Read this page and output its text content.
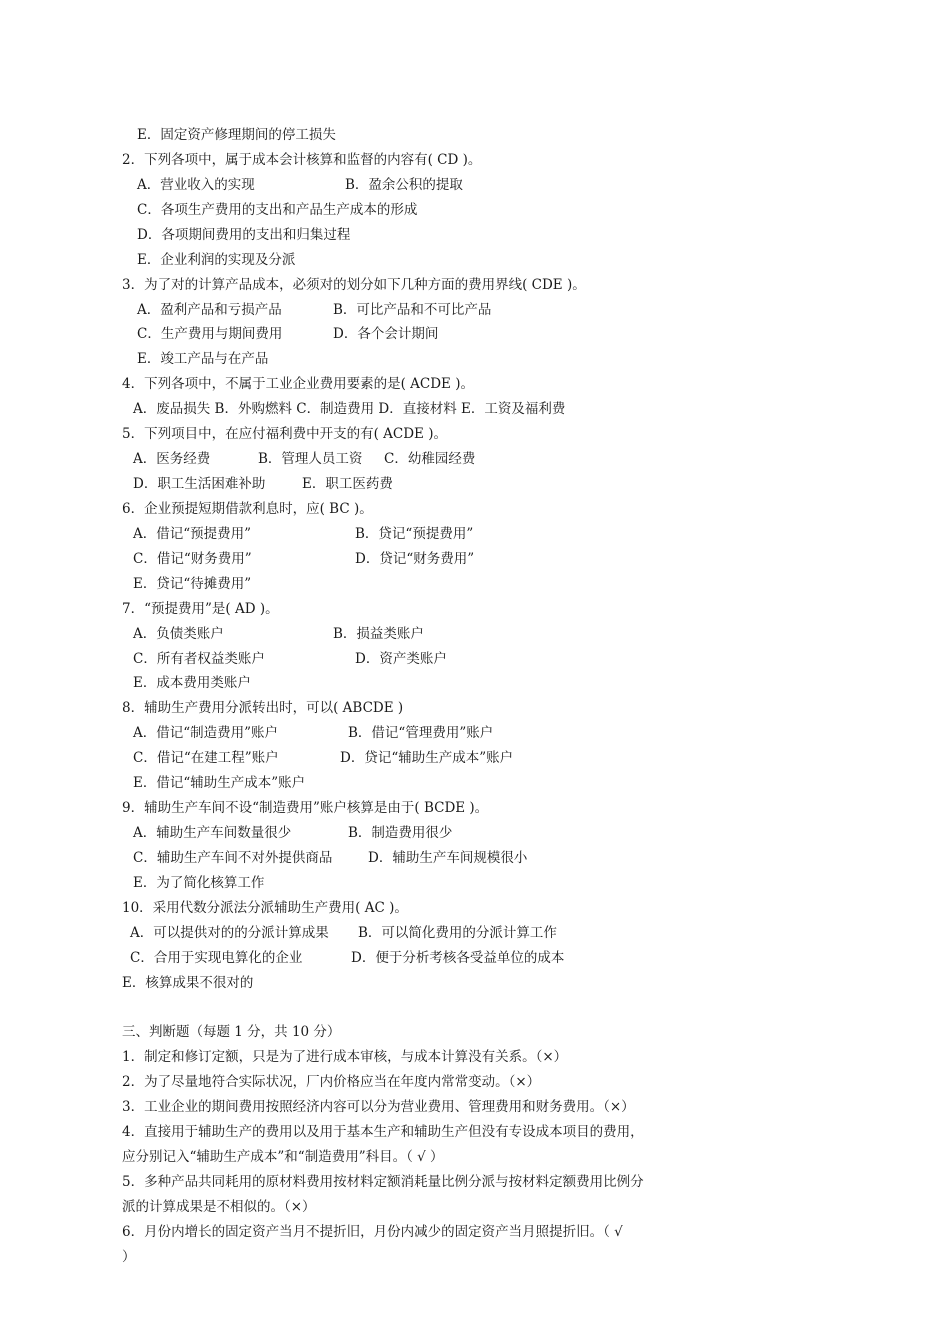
E．固定资产修理期间的停工损失
2．下列各项中，属于成本会计核算和监督的内容有( CD )。
A．营业收入的实现	B．盈余公积的提取
C．各项生产费用的支出和产品生产成本的形成
D．各项期间费用的支出和归集过程
E．企业利润的实现及分派
3．为了对的计算产品成本，必须对的划分如下几种方面的费用界线( CDE )。
A．盈利产品和亏损产品	B．可比产品和不可比产品
C．生产费用与期间费用	D．各个会计期间
E．竣工产品与在产品
4．下列各项中，不属于工业企业费用要素的是( ACDE )。
A．废品损失 B．外购燃料 C．制造费用 D．直接材料 E．工资及福利费
5．下列项目中，在应付福利费中开支的有( ACDE )。
A．医务经费	B．管理人员工资 C．幼稚园经费
D．职工生活困难补助	E．职工医药费
6．企业预提短期借款利息时，应( BC )。
A．借记“预提费用”	B．贷记“预提费用”
C．借记“财务费用”	D．贷记“财务费用”
E．贷记“待摊费用”
7．“预提费用”是( AD )。
A．负债类账户	B．损益类账户
C．所有者权益类账户	D．资产类账户
E．成本费用类账户
8．辅助生产费用分派转出时，可以( ABCDE )
A．借记“制造费用”账户	B．借记“管理费用”账户
C．借记“在建工程”账户	D．贷记“辅助生产成本”账户
E．借记“辅助生产成本”账户
9．辅助生产车间不设“制造费用”账户核算是由于( BCDE )。
A．辅助生产车间数量很少	B．制造费用很少
C．辅助生产车间不对外提供商品	D．辅助生产车间规模很小
E．为了简化核算工作
10．采用代数分派法分派辅助生产费用( AC )。
A．可以提供对的的分派计算成果 B．可以简化费用的分派计算工作
C．合用于实现电算化的企业	D．便于分析考核各受益单位的成本
E．核算成果不很对的
三、判断题（每题 1 分，共 10 分）
1．制定和修订定额，只是为了进行成本审核，与成本计算没有关系。（×）
2．为了尽量地符合实际状况，厂内价格应当在年度内常常变动。（×）
3．工业企业的期间费用按照经济内容可以分为营业费用、管理费用和财务费用。（×）
4．直接用于辅助生产的费用以及用于基本生产和辅助生产但没有专设成本项目的费用，
应分别记入“辅助生产成本”和“制造费用”科目。（ √ ）
5．多种产品共同耗用的原材料费用按材料定额消耗量比例分派与按材料定额费用比例分
派的计算成果是不相似的。（×）
6．月份内增长的固定资产当月不提折旧，月份内减少的固定资产当月照提折旧。（ √
）
